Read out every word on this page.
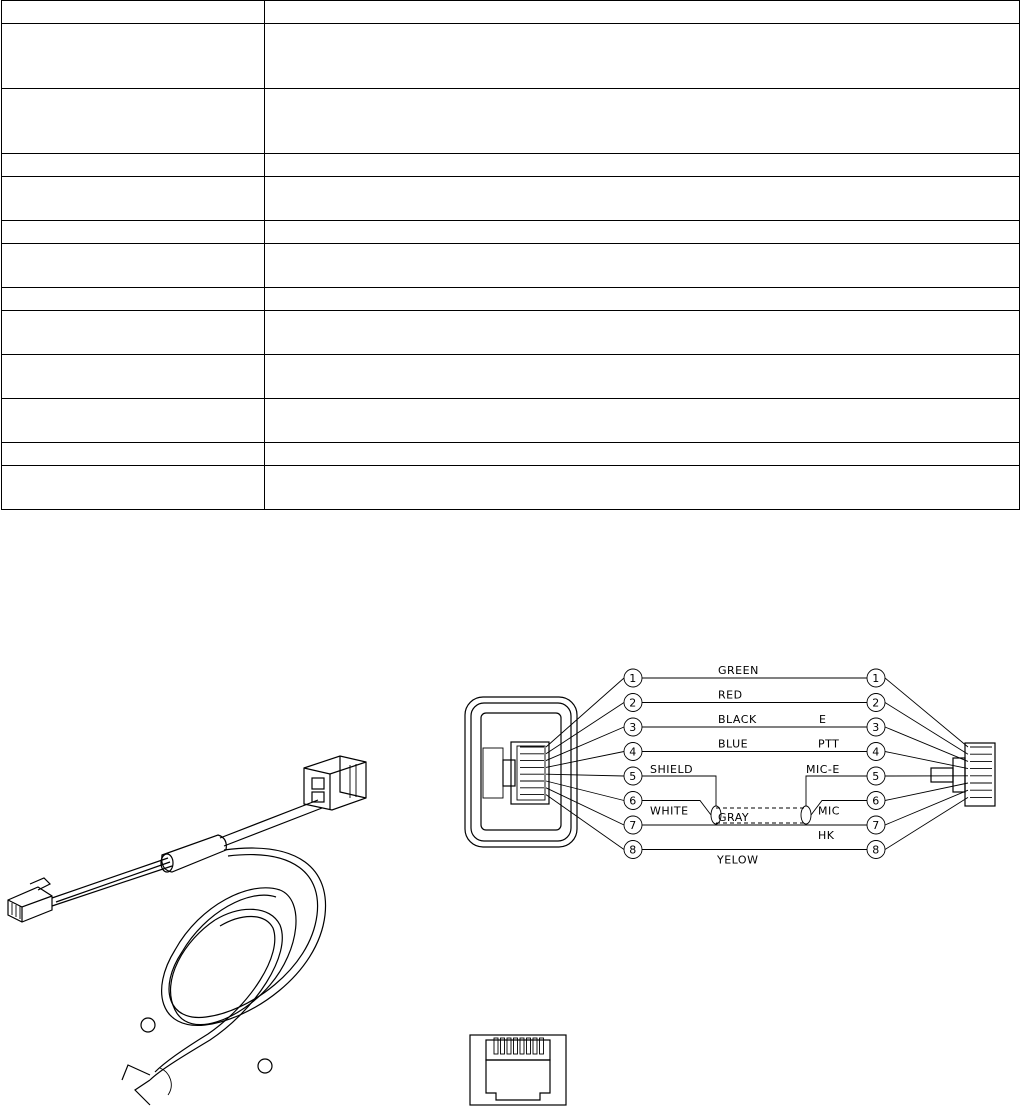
1	1
GREEN
2	2
RED
3	3
BLACK	E
4	4
BLUE	PTT
5	5
SHIELD	MIC-E
6	6
WHITE	MIC
7	7
GRAY
HK
8	8
YELOW
